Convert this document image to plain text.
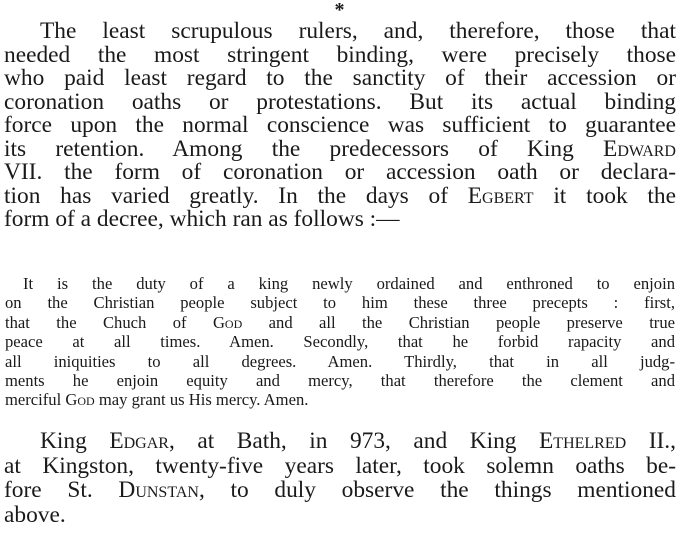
*
The least scrupulous rulers, and, therefore, those that
needed the most stringent binding, were precisely those
who paid least regard to the sanctity of their accession or
coronation oaths or protestations. But its actual binding
force upon the normal conscience was sufficient to guarantee
its retention. Among the predecessors of King Edward
VII. the form of coronation or accession oath or declara-
tion has varied greatly. In the days of Egbert it took the
form of a decree, which ran as follows :—
It is the duty of a king newly ordained and enthroned to enjoin
on the Christian people subject to him these three precepts : first,
that the Chuch of God and all the Christian people preserve true
peace at all times. Amen. Secondly, that he forbid rapacity and
all iniquities to all degrees. Amen. Thirdly, that in all judg-
ments he enjoin equity and mercy, that therefore the clement and
merciful God may grant us His mercy. Amen.
King Edgar, at Bath, in 973, and King Ethelred II.,
at Kingston, twenty-five years later, took solemn oaths be-
fore St. Dunstan, to duly observe the things mentioned
above.
